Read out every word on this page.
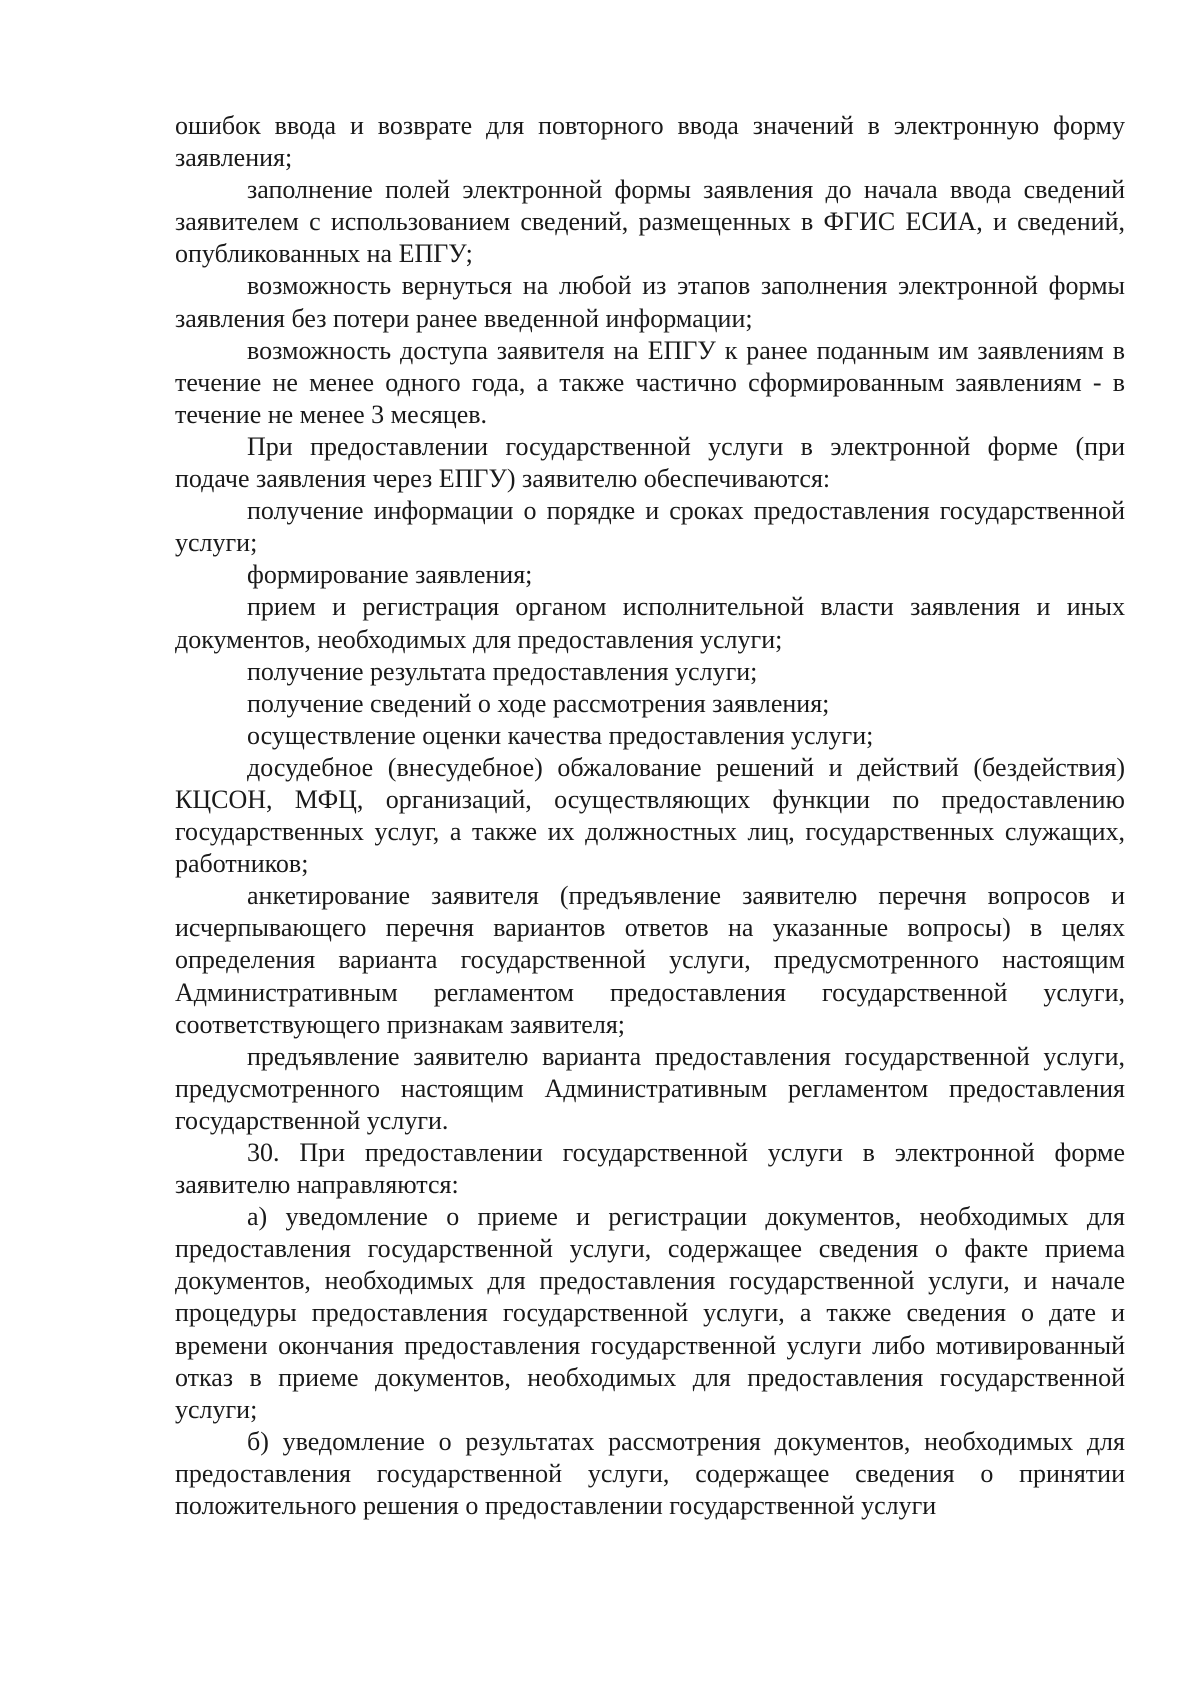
ошибок ввода и возврате для повторного ввода значений в электронную форму заявления;

заполнение полей электронной формы заявления до начала ввода сведений заявителем с использованием сведений, размещенных в ФГИС ЕСИА, и сведений, опубликованных на ЕПГУ;

возможность вернуться на любой из этапов заполнения электронной формы заявления без потери ранее введенной информации;

возможность доступа заявителя на ЕПГУ к ранее поданным им заявлениям в течение не менее одного года, а также частично сформированным заявлениям - в течение не менее 3 месяцев.

При предоставлении государственной услуги в электронной форме (при подаче заявления через ЕПГУ) заявителю обеспечиваются:

получение информации о порядке и сроках предоставления государственной услуги;

формирование заявления;

прием и регистрация органом исполнительной власти заявления и иных документов, необходимых для предоставления услуги;

получение результата предоставления услуги;

получение сведений о ходе рассмотрения заявления;

осуществление оценки качества предоставления услуги;

досудебное (внесудебное) обжалование решений и действий (бездействия) КЦСОН, МФЦ, организаций, осуществляющих функции по предоставлению государственных услуг, а также их должностных лиц, государственных служащих, работников;

анкетирование заявителя (предъявление заявителю перечня вопросов и исчерпывающего перечня вариантов ответов на указанные вопросы) в целях определения варианта государственной услуги, предусмотренного настоящим Административным регламентом предоставления государственной услуги, соответствующего признакам заявителя;

предъявление заявителю варианта предоставления государственной услуги, предусмотренного настоящим Административным регламентом предоставления государственной услуги.

30. При предоставлении государственной услуги в электронной форме заявителю направляются:

а) уведомление о приеме и регистрации документов, необходимых для предоставления государственной услуги, содержащее сведения о факте приема документов, необходимых для предоставления государственной услуги, и начале процедуры предоставления государственной услуги, а также сведения о дате и времени окончания предоставления государственной услуги либо мотивированный отказ в приеме документов, необходимых для предоставления государственной услуги;

б) уведомление о результатах рассмотрения документов, необходимых для предоставления государственной услуги, содержащее сведения о принятии положительного решения о предоставлении государственной услуги
